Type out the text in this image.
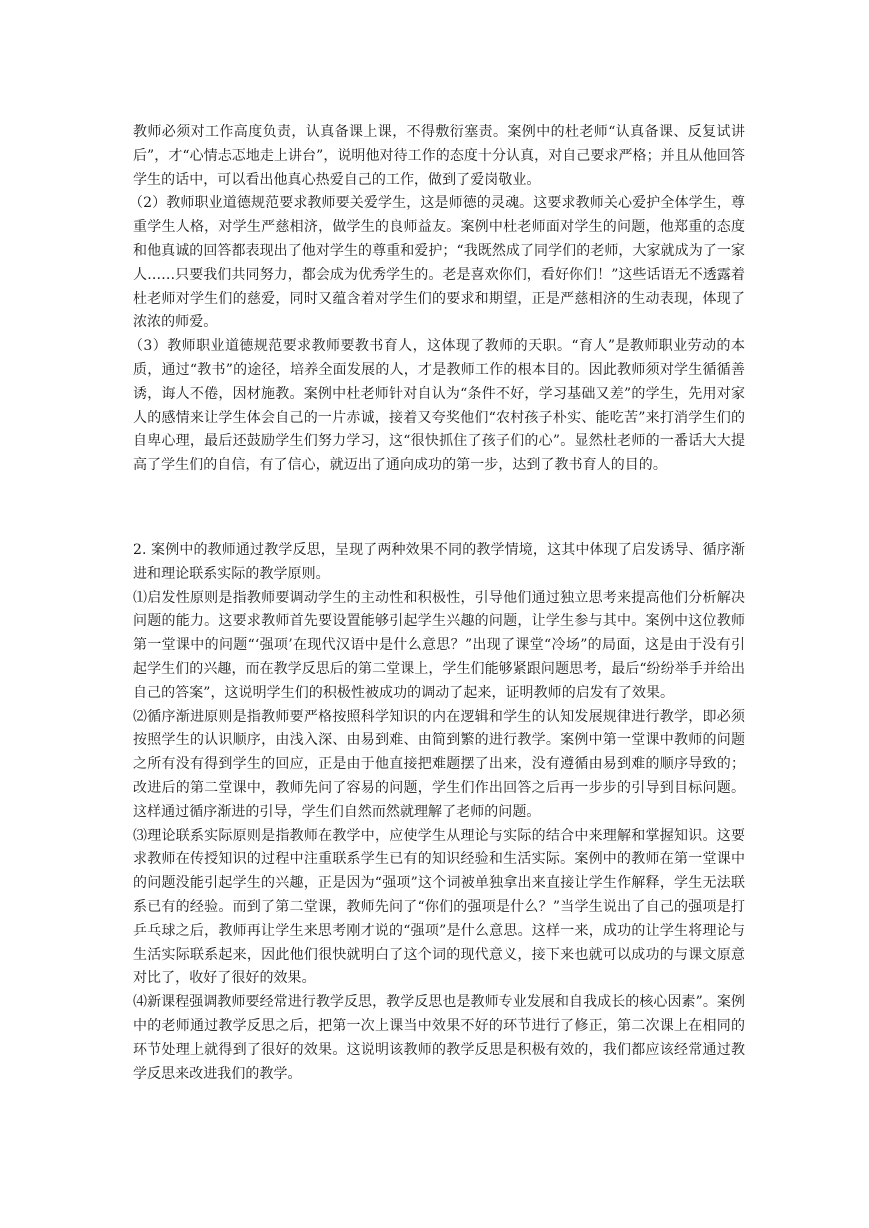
教师必须对工作高度负责，认真备课上课，不得敷衍塞责。案例中的杜老师“认真备课、反复试讲后”，才“心情忐忑地走上讲台”，说明他对待工作的态度十分认真，对自己要求严格；并且从他回答学生的话中，可以看出他真心热爱自己的工作，做到了爱岗敬业。

（2）教师职业道德规范要求教师要关爱学生，这是师德的灵魂。这要求教师关心爱护全体学生，尊重学生人格，对学生严慈相济，做学生的良师益友。案例中杜老师面对学生的问题，他郑重的态度和他真诚的回答都表现出了他对学生的尊重和爱护；“我既然成了同学们的老师，大家就成为了一家人……只要我们共同努力，都会成为优秀学生的。老是喜欢你们，看好你们！”这些话语无不透露着杜老师对学生们的慈爱，同时又蕴含着对学生们的要求和期望，正是严慈相济的生动表现，体现了浓浓的师爱。

（3）教师职业道德规范要求教师要教书育人，这体现了教师的天职。“育人”是教师职业劳动的本质，通过“教书”的途径，培养全面发展的人，才是教师工作的根本目的。因此教师须对学生循循善诱，诲人不倦，因材施教。案例中杜老师针对自认为“条件不好，学习基础又差”的学生，先用对家人的感情来让学生体会自己的一片赤诚，接着又夸奖他们“农村孩子朴实、能吃苦”来打消学生们的自卑心理，最后还鼓励学生们努力学习，这“很快抓住了孩子们的心”。显然杜老师的一番话大大提高了学生们的自信，有了信心，就迈出了通向成功的第一步，达到了教书育人的目的。

2. 案例中的教师通过教学反思，呈现了两种效果不同的教学情境，这其中体现了启发诱导、循序渐进和理论联系实际的教学原则。

⑴启发性原则是指教师要调动学生的主动性和积极性，引导他们通过独立思考来提高他们分析解决问题的能力。这要求教师首先要设置能够引起学生兴趣的问题，让学生参与其中。案例中这位教师第一堂课中的问题“‘强项’在现代汉语中是什么意思？”出现了课堂“冷场”的局面，这是由于没有引起学生们的兴趣，而在教学反思后的第二堂课上，学生们能够紧跟问题思考，最后“纷纷举手并给出自己的答案”，这说明学生们的积极性被成功的调动了起来，证明教师的启发有了效果。

⑵循序渐进原则是指教师要严格按照科学知识的内在逻辑和学生的认知发展规律进行教学，即必须按照学生的认识顺序，由浅入深、由易到难、由简到繁的进行教学。案例中第一堂课中教师的问题之所有没有得到学生的回应，正是由于他直接把难题摆了出来，没有遵循由易到难的顺序导致的；改进后的第二堂课中，教师先问了容易的问题，学生们作出回答之后再一步步的引导到目标问题。这样通过循序渐进的引导，学生们自然而然就理解了老师的问题。

⑶理论联系实际原则是指教师在教学中，应使学生从理论与实际的结合中来理解和掌握知识。这要求教师在传授知识的过程中注重联系学生已有的知识经验和生活实际。案例中的教师在第一堂课中的问题没能引起学生的兴趣，正是因为“强项”这个词被单独拿出来直接让学生作解释，学生无法联系已有的经验。而到了第二堂课，教师先问了“你们的强项是什么？”当学生说出了自己的强项是打乒乓球之后，教师再让学生来思考刚才说的“强项”是什么意思。这样一来，成功的让学生将理论与生活实际联系起来，因此他们很快就明白了这个词的现代意义，接下来也就可以成功的与课文原意对比了，收好了很好的效果。

⑷新课程强调教师要经常进行教学反思，教学反思也是教师专业发展和自我成长的核心因素”。案例中的老师通过教学反思之后，把第一次上课当中效果不好的环节进行了修正，第二次课上在相同的环节处理上就得到了很好的效果。这说明该教师的教学反思是积极有效的，我们都应该经常通过教学反思来改进我们的教学。
